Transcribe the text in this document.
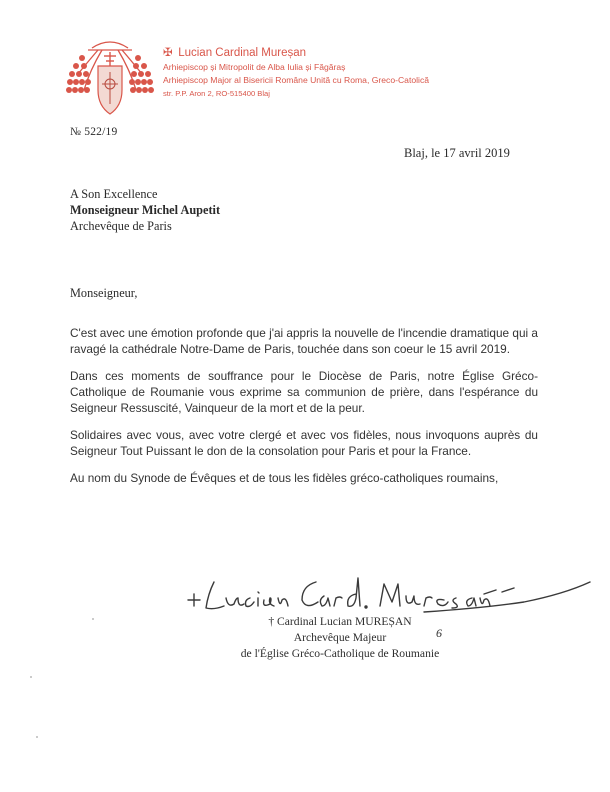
✠ Lucian Cardinal Mureșan
Arhiepiscop și Mitropolit de Alba Iulia și Făgăraș
Arhiepiscop Major al Bisericii Române Unită cu Roma, Greco-Catolică
str. P.P. Aron 2, RO-515400 Blaj
№ 522/19
Blaj, le 17 avril 2019
A Son Excellence
Monseigneur Michel Aupetit
Archevêque de Paris
Monseigneur,

C'est avec une émotion profonde que j'ai appris la nouvelle de l'incendie dramatique qui a ravagé la cathédrale Notre-Dame de Paris, touchée dans son coeur le 15 avril 2019.

Dans ces moments de souffrance pour le Diocèse de Paris, notre Église Gréco-Catholique de Roumanie vous exprime sa communion de prière, dans l'espérance du Seigneur Ressuscité, Vainqueur de la mort et de la peur.

Solidaires avec vous, avec votre clergé et avec vos fidèles, nous invoquons auprès du Seigneur Tout Puissant le don de la consolation pour Paris et pour la France.

Au nom du Synode de Évêques et de tous les fidèles gréco-catholiques roumains,

† Cardinal Lucian MUREȘAN
Archevêque Majeur
de l'Église Gréco-Catholique de Roumanie
6
